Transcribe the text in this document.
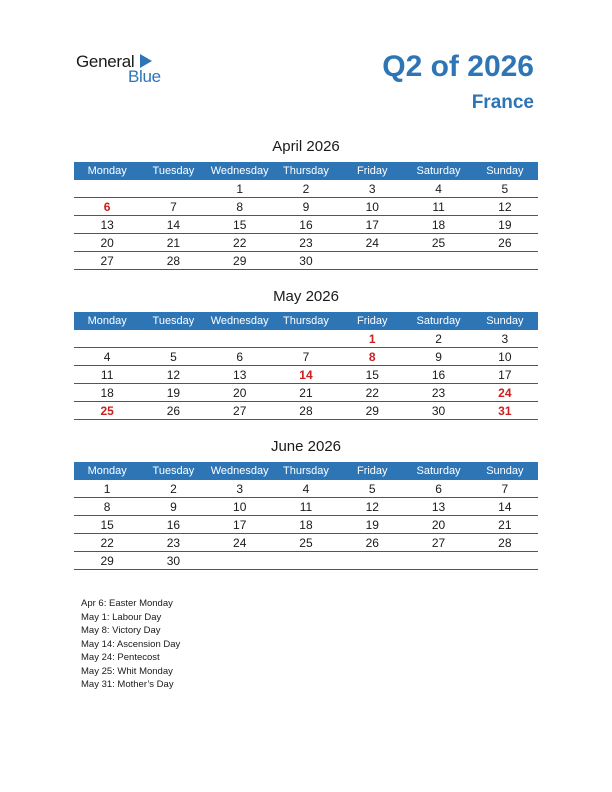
General
Blue	Q2 of 2026
France
April 2026
Monday	Tuesday	Wednesday	Thursday	Friday	Saturday	Sunday
		1	2	3	4	5
6	7	8	9	10	11	12
13	14	15	16	17	18	19
20	21	22	23	24	25	26
27	28	29	30			
May 2026
Monday	Tuesday	Wednesday	Thursday	Friday	Saturday	Sunday
				1	2	3
4	5	6	7	8	9	10
11	12	13	14	15	16	17
18	19	20	21	22	23	24
25	26	27	28	29	30	31
June 2026
Monday	Tuesday	Wednesday	Thursday	Friday	Saturday	Sunday
1	2	3	4	5	6	7
8	9	10	11	12	13	14
15	16	17	18	19	20	21
22	23	24	25	26	27	28
29	30					
Apr 6: Easter Monday
May 1: Labour Day
May 8: Victory Day
May 14: Ascension Day
May 24: Pentecost
May 25: Whit Monday
May 31: Mother’s Day
